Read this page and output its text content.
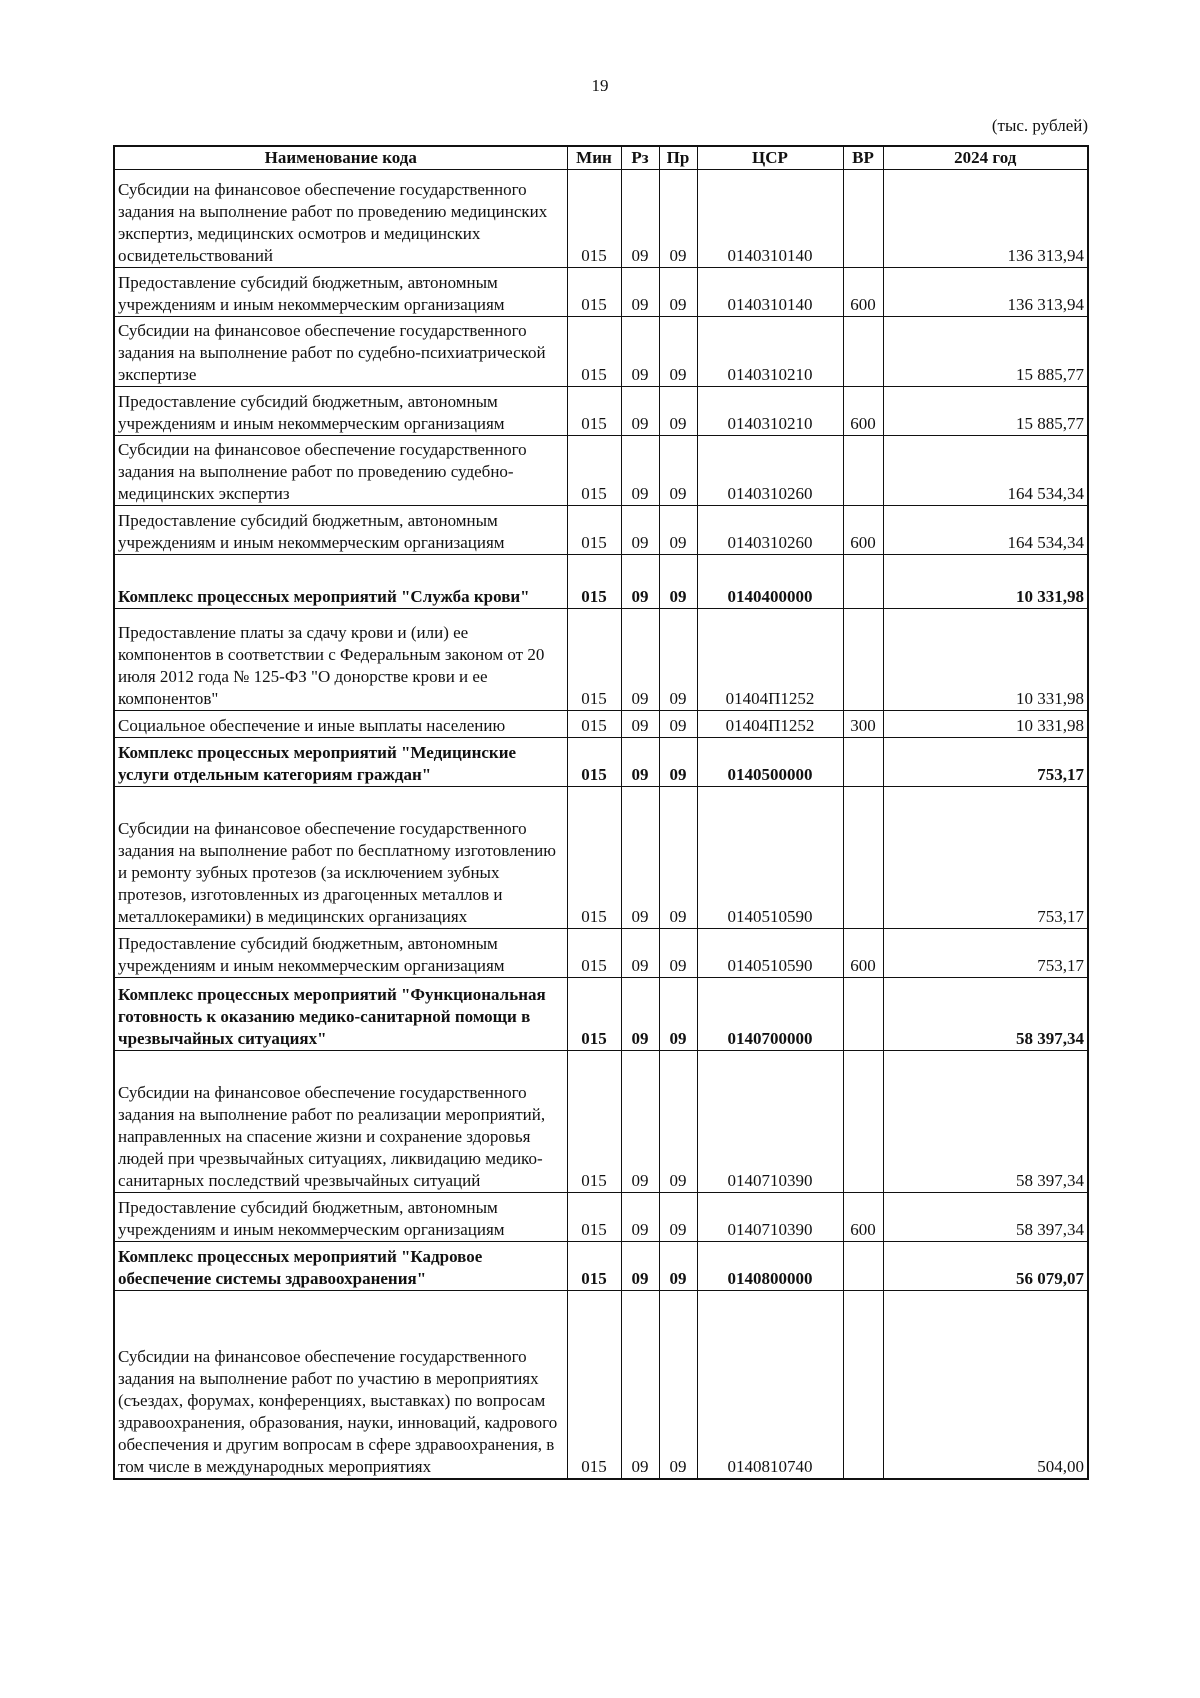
19
(тыс. рублей)
Наименование кода	Мин	Рз	Пр	ЦСР	ВР	2024 год
Субсидии на финансовое обеспечение государственного задания на выполнение работ по проведению медицинских экспертиз, медицинских осмотров и медицинских освидетельствований	015	09	09	0140310140		136 313,94
Предоставление субсидий бюджетным, автономным учреждениям и иным некоммерческим организациям	015	09	09	0140310140	600	136 313,94
Субсидии на финансовое обеспечение государственного задания на выполнение работ по судебно-психиатрической экспертизе	015	09	09	0140310210		15 885,77
Предоставление субсидий бюджетным, автономным учреждениям и иным некоммерческим организациям	015	09	09	0140310210	600	15 885,77
Субсидии на финансовое обеспечение государственного задания на выполнение работ по проведению судебно-медицинских экспертиз	015	09	09	0140310260		164 534,34
Предоставление субсидий бюджетным, автономным учреждениям и иным некоммерческим организациям	015	09	09	0140310260	600	164 534,34
Комплекс процессных мероприятий "Служба крови"	015	09	09	0140400000		10 331,98
Предоставление платы за сдачу крови и (или) ее компонентов в соответствии с Федеральным законом от 20 июля 2012 года № 125-ФЗ "О донорстве крови и ее компонентов"	015	09	09	01404П1252		10 331,98
Социальное обеспечение и иные выплаты населению	015	09	09	01404П1252	300	10 331,98
Комплекс процессных мероприятий "Медицинские услуги отдельным категориям граждан"	015	09	09	0140500000		753,17
Субсидии на финансовое обеспечение государственного задания на выполнение работ по бесплатному изготовлению и ремонту зубных протезов (за исключением зубных протезов, изготовленных из драгоценных металлов и металлокерамики) в медицинских организациях	015	09	09	0140510590		753,17
Предоставление субсидий бюджетным, автономным учреждениям и иным некоммерческим организациям	015	09	09	0140510590	600	753,17
Комплекс процессных мероприятий "Функциональная готовность к оказанию медико-санитарной помощи в чрезвычайных ситуациях"	015	09	09	0140700000		58 397,34
Субсидии на финансовое обеспечение государственного задания на выполнение работ по реализации мероприятий, направленных на спасение жизни и сохранение здоровья людей при чрезвычайных ситуациях, ликвидацию медико-санитарных последствий чрезвычайных ситуаций	015	09	09	0140710390		58 397,34
Предоставление субсидий бюджетным, автономным учреждениям и иным некоммерческим организациям	015	09	09	0140710390	600	58 397,34
Комплекс процессных мероприятий "Кадровое обеспечение системы здравоохранения"	015	09	09	0140800000		56 079,07
Субсидии на финансовое обеспечение государственного задания на выполнение работ по участию в мероприятиях (съездах, форумах, конференциях, выставках) по вопросам здравоохранения, образования, науки, инноваций, кадрового обеспечения и другим вопросам в сфере здравоохранения, в том числе в международных мероприятиях	015	09	09	0140810740		504,00
